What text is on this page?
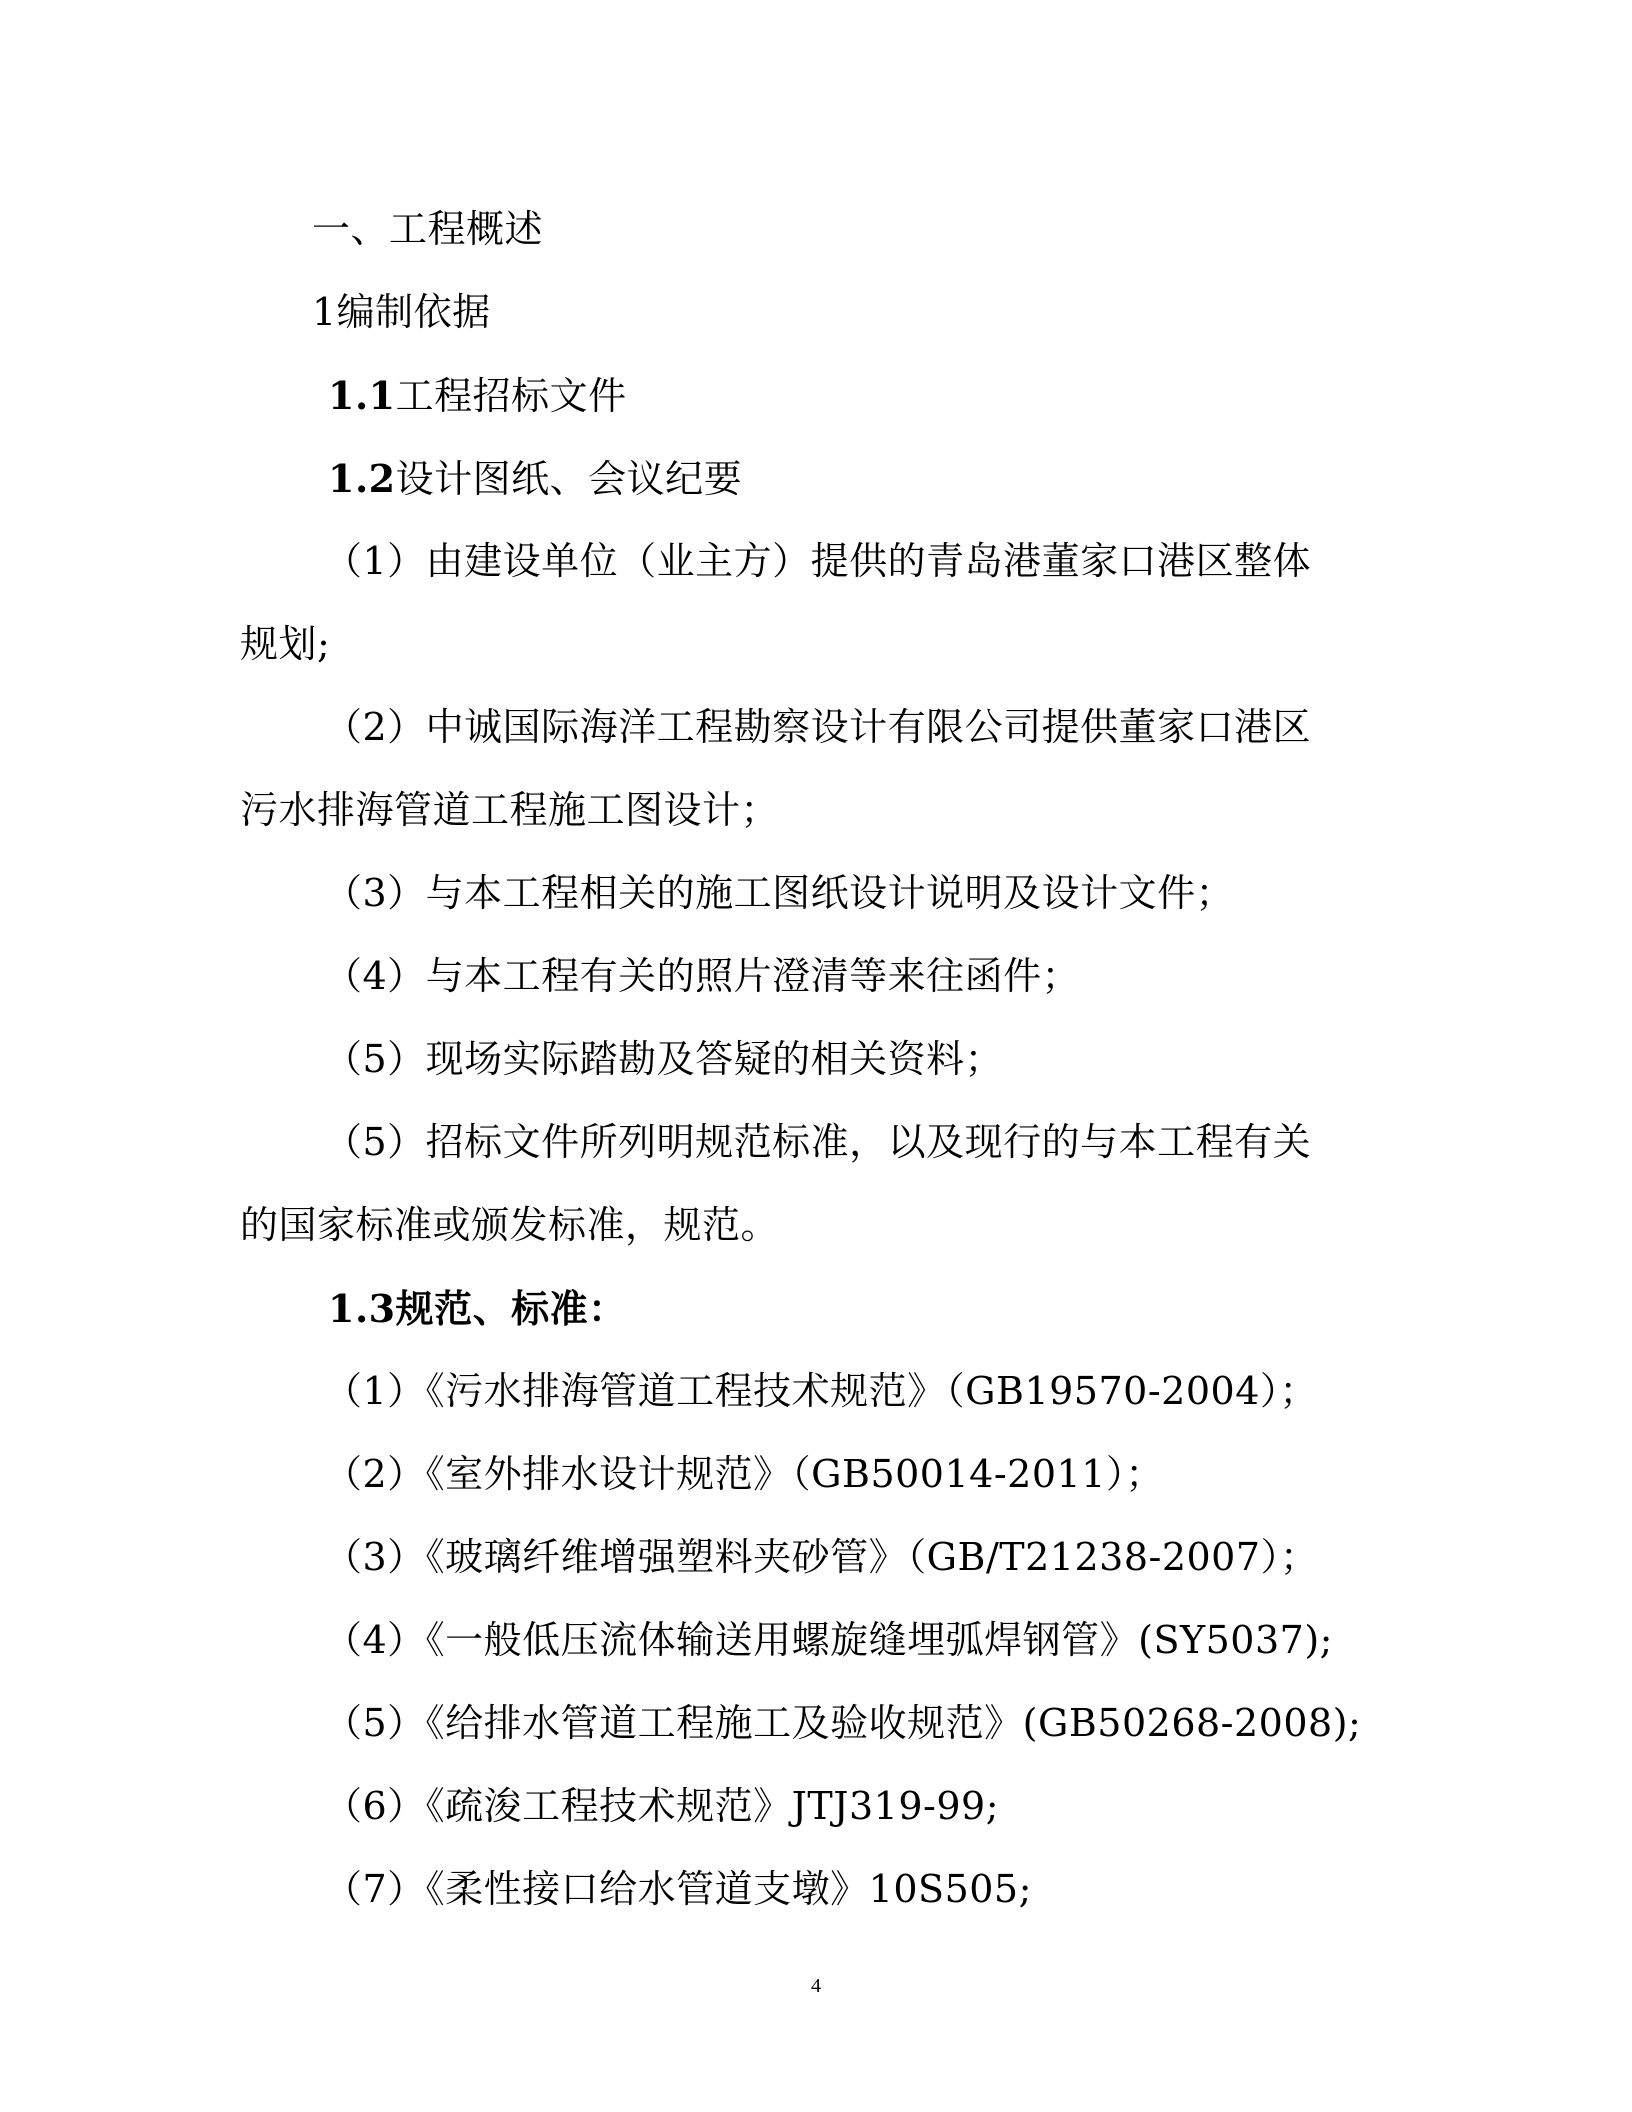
一、工程概述
1编制依据
1.1工程招标文件
1.2设计图纸、会议纪要
（1）由建设单位（业主方）提供的青岛港董家口港区整体
规划;
（2）中诚国际海洋工程勘察设计有限公司提供董家口港区
污水排海管道工程施工图设计；
（3）与本工程相关的施工图纸设计说明及设计文件；
（4）与本工程有关的照片澄清等来往函件；
（5）现场实际踏勘及答疑的相关资料；
（5）招标文件所列明规范标准，以及现行的与本工程有关
的国家标准或颁发标准，规范。
1.3规范、标准：
（1）《污水排海管道工程技术规范》（GB19570-2004）；
（2）《室外排水设计规范》（GB50014-2011）；
（3）《玻璃纤维增强塑料夹砂管》（GB/T21238-2007）；
（4）《一般低压流体输送用螺旋缝埋弧焊钢管》(SY5037);
（5）《给排水管道工程施工及验收规范》(GB50268-2008);
（6）《疏浚工程技术规范》JTJ319-99;
（7）《柔性接口给水管道支墩》10S505;
4
